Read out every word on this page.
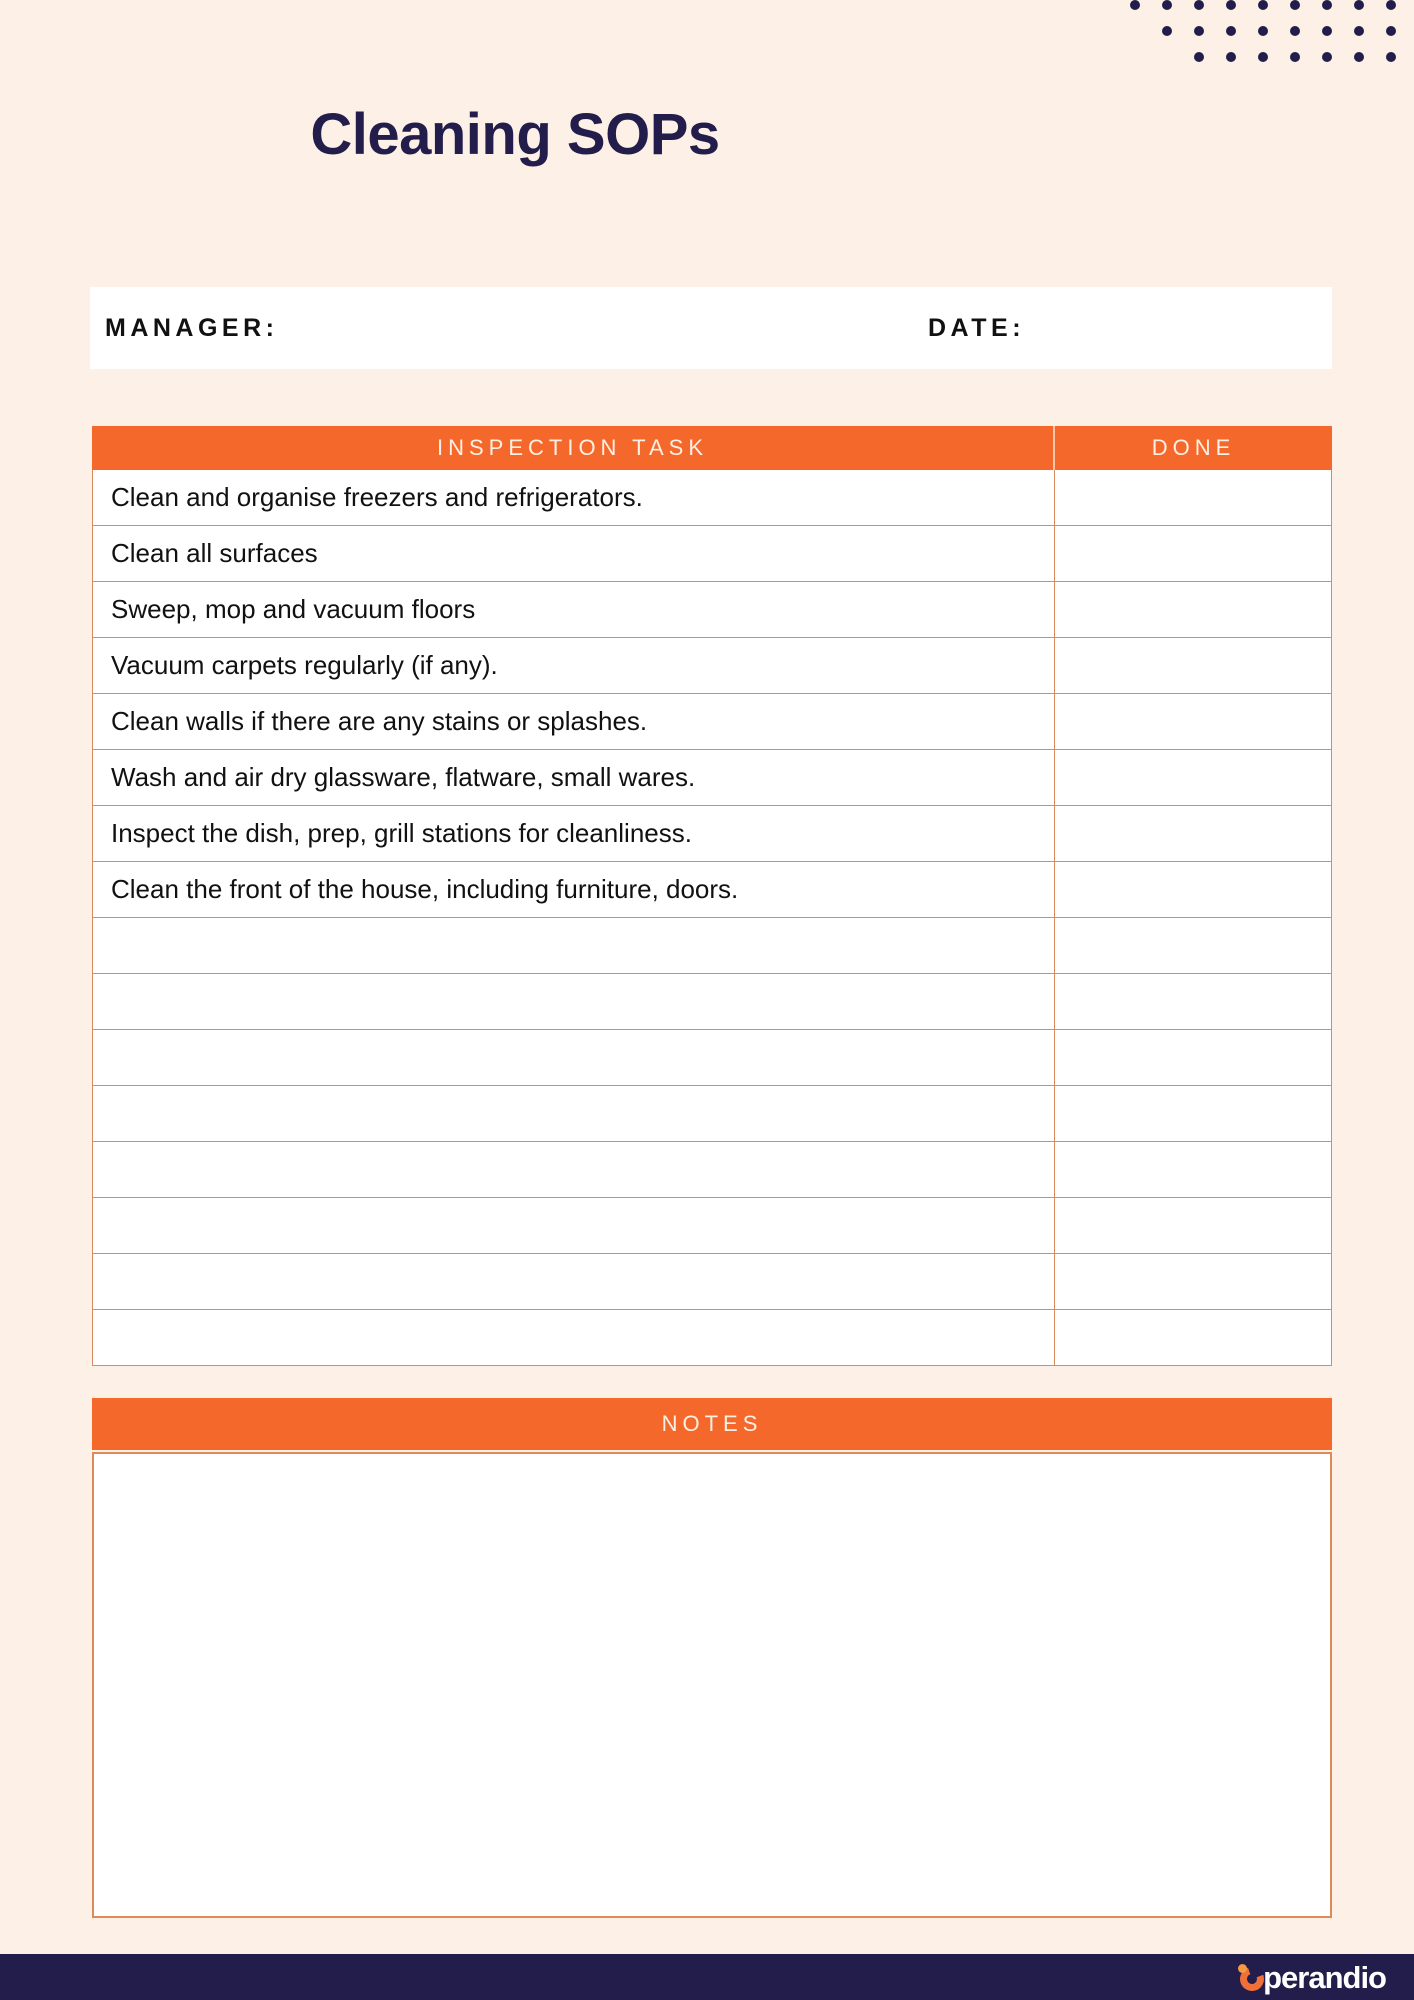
Cleaning SOPs
MANAGER:	DATE:
INSPECTION TASK	DONE
Clean and organise freezers and refrigerators.
Clean all surfaces
Sweep, mop and vacuum floors
Vacuum carpets regularly (if any).
Clean walls if there are any stains or splashes.
Wash and air dry glassware, flatware, small wares.
Inspect the dish, prep, grill stations for cleanliness.
Clean the front of the house, including furniture, doors.
NOTES
perandio
